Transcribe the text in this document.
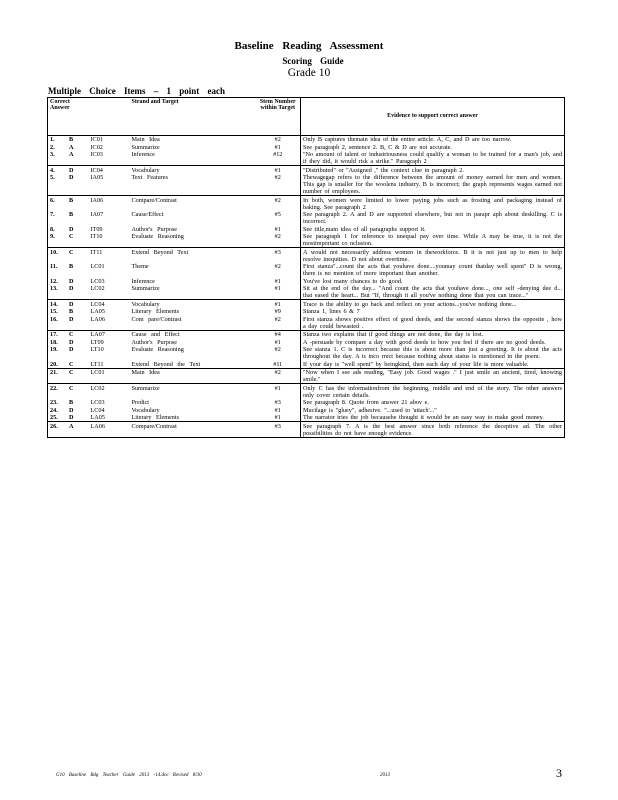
Baseline Reading Assessment
Scoring Guide
Grade 10
Multiple Choice Items – 1 point each
Correct Answer		Strand and Target	Stem Number within Target	Evidence to support correct answer
1. B	IC01	Main Idea	#2	Only B captures themain idea of the entire article. A, C, and D are too narrow.
2. A	IC02	Summarize	#1	See paragraph 2, sentence 2. B, C & D are not accurate.
3. A	IC03	Inference	#12	"No amount of talent or industriousness could qualify a woman to be trained for a man's job, and if they did, it would risk a strike." Paragraph 2
4. D	IC04	Vocabulary	#1	"Distributed" or "Assigned ," the context clue in paragraph 2.
5. D	IA05	Text Features	#2	Thewagegap refers to the difference between the amount of money earned for men and women. This gap is smaller for the woolens industry. B is incorrect; the graph represents wages earned not number of employees.
6. B	IA06	Compare/Contrast	#2	In both, women were limited to lower paying jobs such as frosting and packaging instead of baking. See paragraph 2
7. B	IA07	Cause/Effect	#5	See paragraph 2. A and D are supported elsewhere, but not in parapr aph about deskilling. C is incorrect.
8. D	IT09	Author's Purpose	#1	See title,main idea of all paragraphs support it.
9. C	IT10	Evaluate Reasoning	#2	See paragraph 1 for reference to unequal pay over time. While A may be true, it is not the mostimportant co nclusion.
10. C	IT11	Extend Beyond Text	#3	A would not necessarily address women in theworkforce. B it is not just up to men to help resolve inequities. D not about overtime.
11. B	LC01	Theme	#2	First stanza"...count the acts that youhave done....youmay count thatday well spent" D is wrong, there is no mention of more important than another.
12. D	LC03	Inference	#1	You've lost many chances to do good.
13. D	LC02	Summarize	#1	Sit at the end of the day... "And count the acts that youhave done..., one self -denying dee d... that eased the heart... But "If, through it all you've nothing done that you can trace..."
14. D	LC04	Vocabulary	#1	Trace is the ability to go back and reflect on your actions...you've nothing done...
15. B	LA05	Literary Elements	#9	Stanza 1, lines 6 & 7
16. D	LA06	Com pare/Contrast	#2	First stanza shows positive effect of good deeds, and the second stanza shows the opposite , how a day could bewasted .
17. C	LA07	Cause and Effect	#4	Stanza two explains that if good things are not done, the day is lost.
18. D	LT09	Author's Purpose	#1	A -persuade by compare a day with good deeds to how you feel if there are no good deeds.
19. D	LT10	Evaluate Reasoning	#2	See stanza 1. C is incorrect because this is about more than just a greeting. It is about the acts throughout the day. A is inco rrect because nothing about status is mentioned in the poem.
20. C	LT11	Extend Beyond the Text	#11	If your day is "well spent" by beingkind, then each day of your life is more valuable.
21. C	LC01	Main Idea	#2	"Now when I see ads reading, "Easy job. Good wages ." I just smile an ancient, tired, knowing smile."
22. C	LC02	Summarize	#1	Only C has the informationfrom the beginning, middle and end of the story. The other answers only cover certain details.
23. B	LC03	Predict	#3	See paragraph 8. Quote from answer 21 abov e.
24. D	LC04	Vocabulary	#1	Mucilage is "gluey", adhesive. "...used to 'attach'..."
25. D	LA05	Literary Elements	#1	The narrator tries the job becausehe thought it would be an easy way to make good money.
26. A	LA06	Compare/Contrast	#3	See paragraph 7. A is the best answer since both reference the deceptive ad. The other possibilities do not have enough evidence.
G10 Baseline Rdg Teacher Guide 2013 -14.doc Revised 8/30	2013	3
